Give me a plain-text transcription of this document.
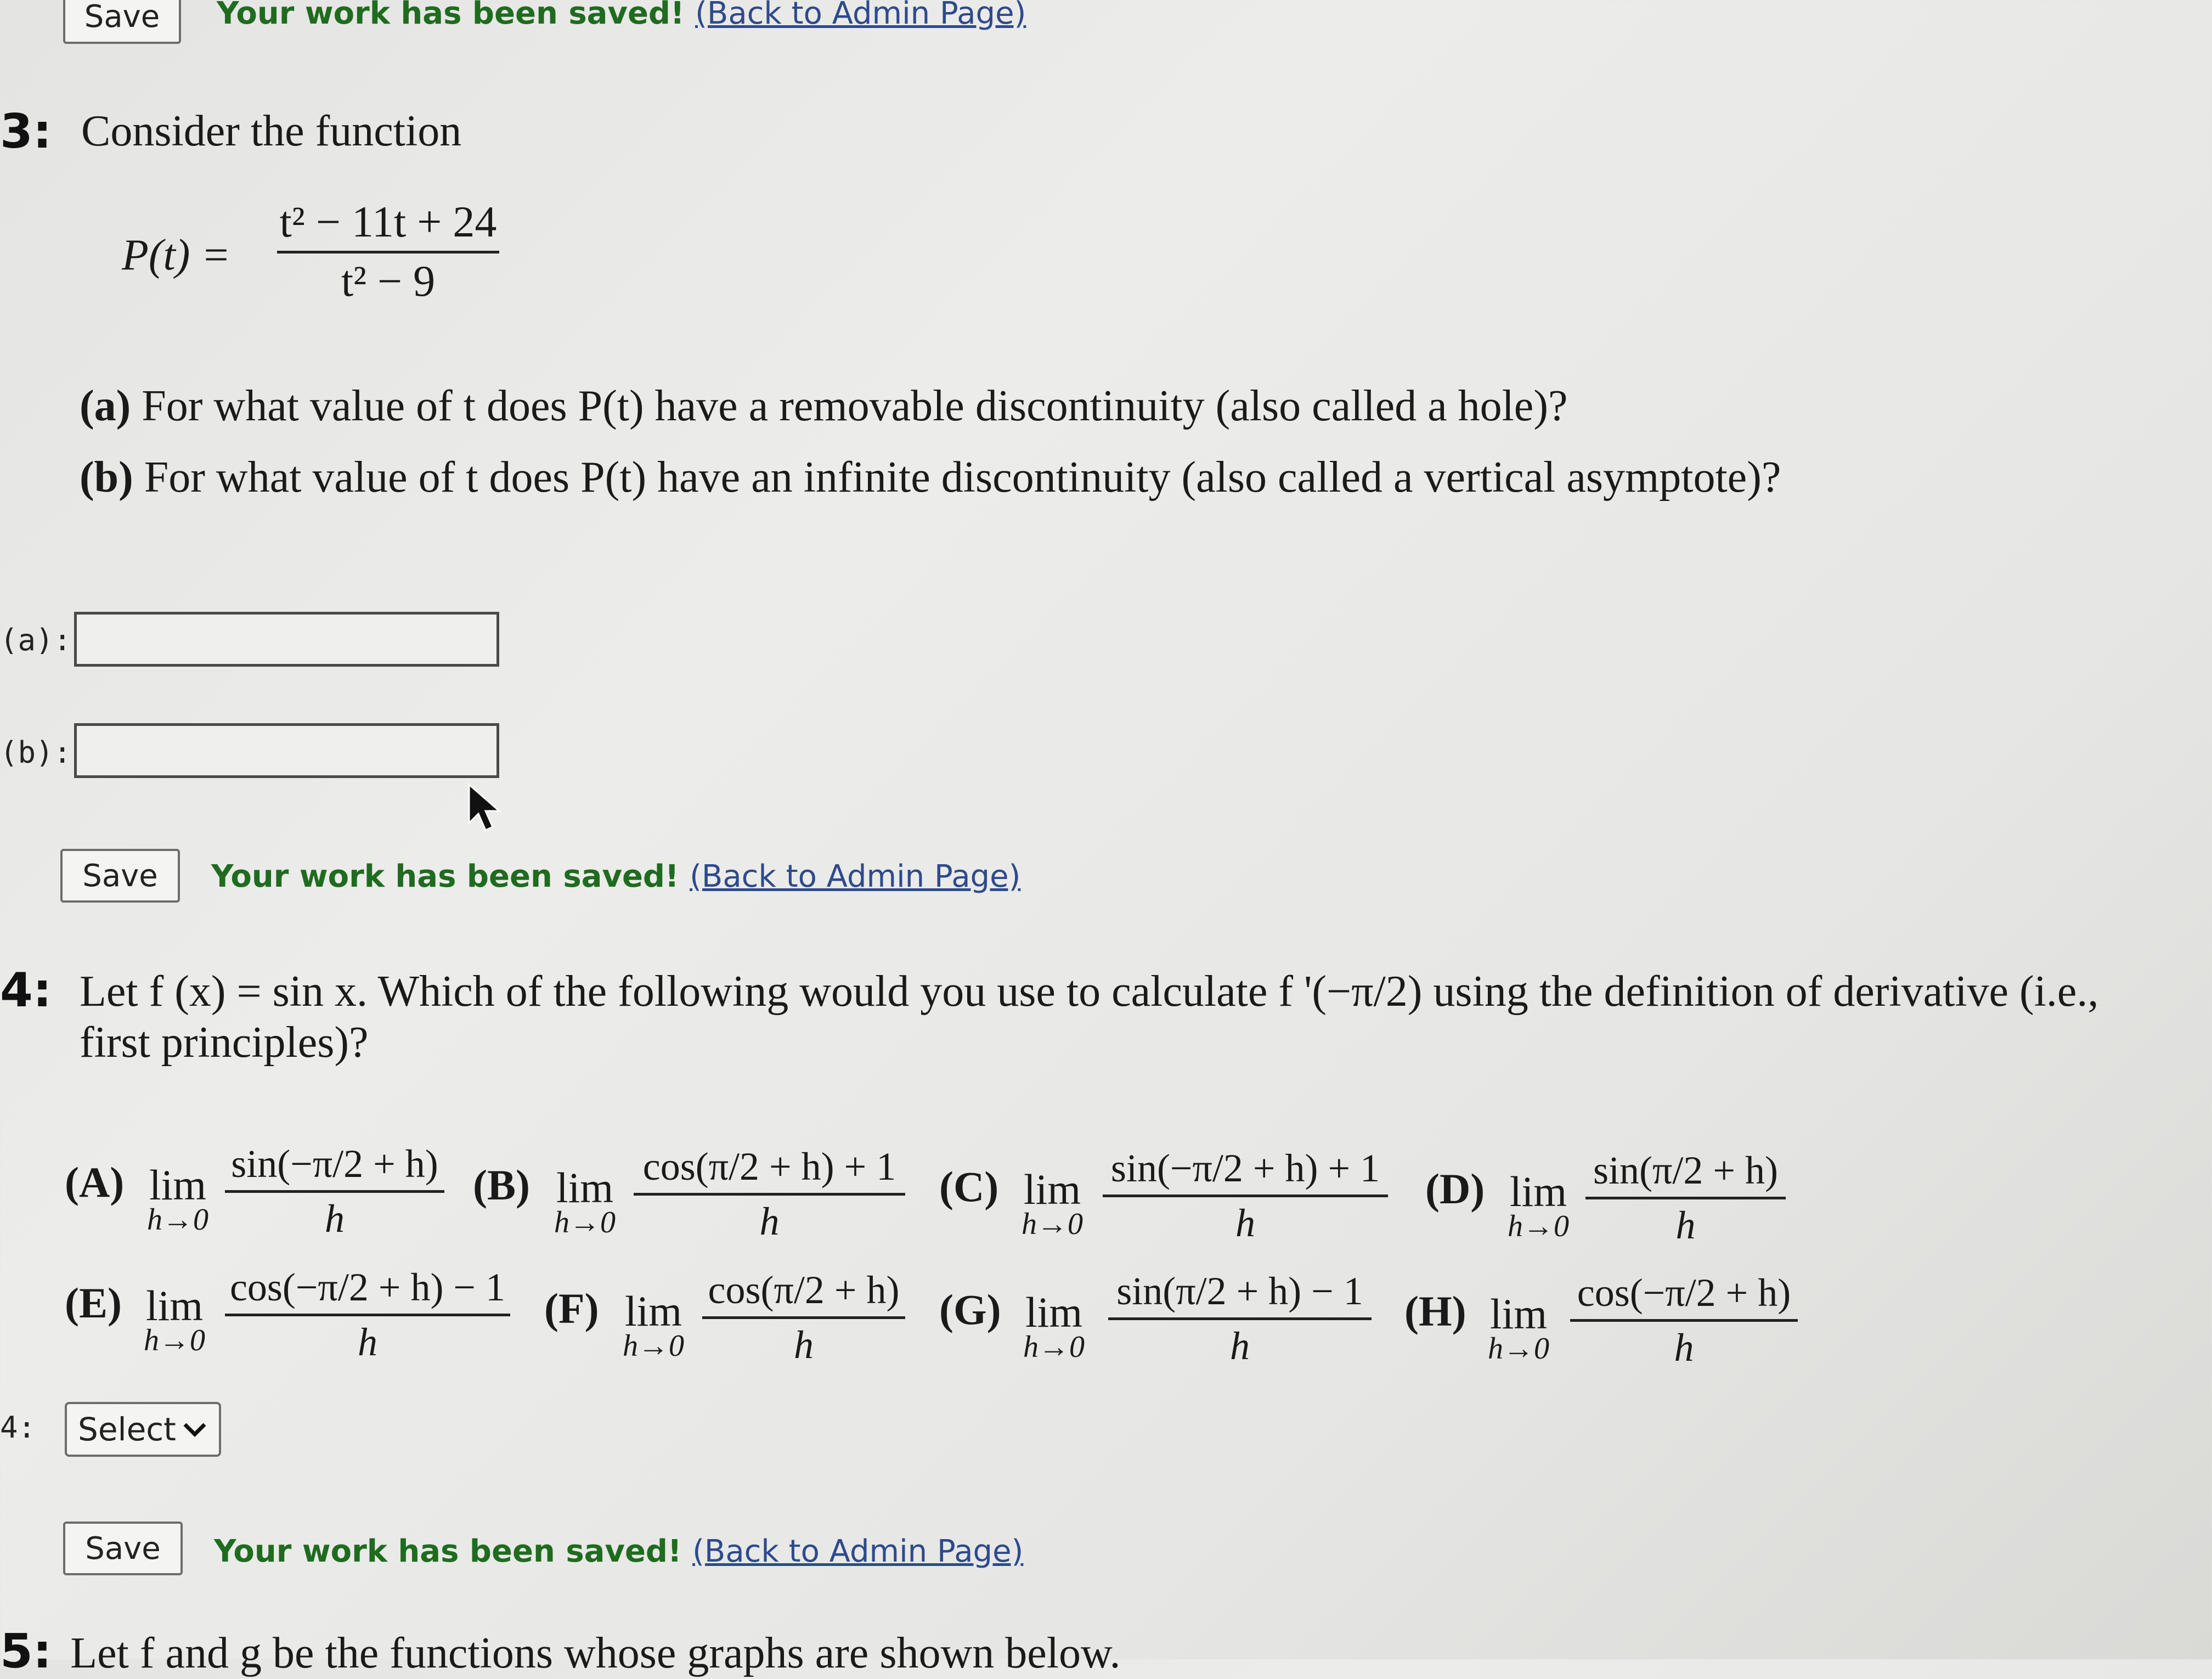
Save	Your work has been saved! (Back to Admin Page)
3: Consider the function
P(t) =
t² − 11t + 24
t² − 9
(a) For what value of t does P(t) have a removable discontinuity (also called a hole)?
(b) For what value of t does P(t) have an infinite discontinuity (also called a vertical asymptote)?
(a):
(b):
Save	Your work has been saved! (Back to Admin Page)
4: Let f (x) = sin x. Which of the following would you use to calculate f '(−π/2) using the definition of derivative (i.e.,
first principles)?
(A) lim
h→0
sin(−π/2 + h)
h
(B) lim
h→0
cos(π/2 + h) + 1
h
(C) lim
h→0
sin(−π/2 + h) + 1
h
(D) lim
h→0
sin(π/2 + h)
h
(E) lim
h→0
cos(−π/2 + h) − 1
h
(F) lim
h→0
cos(π/2 + h)
h
(G) lim
h→0
sin(π/2 + h) − 1
h
(H) lim
h→0
cos(−π/2 + h)
h
4: Select
Save	Your work has been saved! (Back to Admin Page)
5: Let f and g be the functions whose graphs are shown below.
